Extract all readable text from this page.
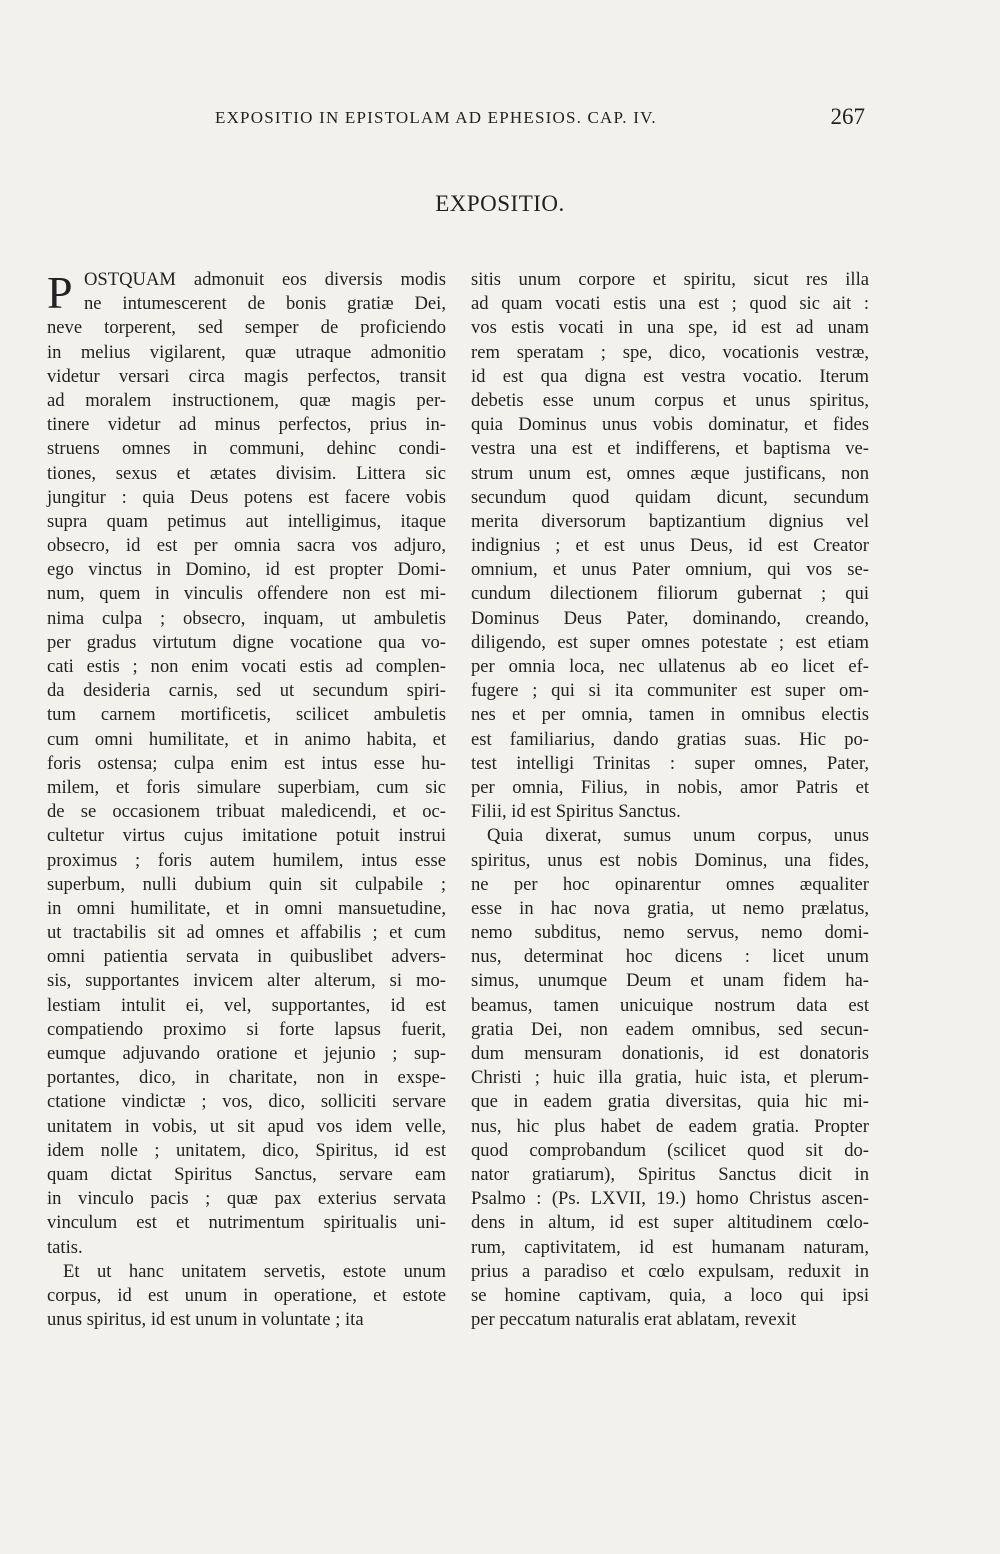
EXPOSITIO IN EPISTOLAM AD EPHESIOS. CAP. IV.	267
EXPOSITIO.
P OSTQUAM admonuit eos diversis modis
ne intumescerent de bonis gratiæ Dei,
neve torperent, sed semper de proficiendo
in melius vigilarent, quæ utraque admonitio
videtur versari circa magis perfectos, transit
ad moralem instructionem, quæ magis per-
tinere videtur ad minus perfectos, prius in-
struens omnes in communi, dehinc condi-
tiones, sexus et ætates divisim. Littera sic
jungitur : quia Deus potens est facere vobis
supra quam petimus aut intelligimus, itaque
obsecro, id est per omnia sacra vos adjuro,
ego vinctus in Domino, id est propter Domi-
num, quem in vinculis offendere non est mi-
nima culpa ; obsecro, inquam, ut ambuletis
per gradus virtutum digne vocatione qua vo-
cati estis ; non enim vocati estis ad complen-
da desideria carnis, sed ut secundum spiri-
tum carnem mortificetis, scilicet ambuletis
cum omni humilitate, et in animo habita, et
foris ostensa; culpa enim est intus esse hu-
milem, et foris simulare superbiam, cum sic
de se occasionem tribuat maledicendi, et oc-
cultetur virtus cujus imitatione potuit instrui
proximus ; foris autem humilem, intus esse
superbum, nulli dubium quin sit culpabile ;
in omni humilitate, et in omni mansuetudine,
ut tractabilis sit ad omnes et affabilis ; et cum
omni patientia servata in quibuslibet advers-
sis, supportantes invicem alter alterum, si mo-
lestiam intulit ei, vel, supportantes, id est
compatiendo proximo si forte lapsus fuerit,
eumque adjuvando oratione et jejunio ; sup-
portantes, dico, in charitate, non in exspe-
ctatione vindictæ ; vos, dico, solliciti servare
unitatem in vobis, ut sit apud vos idem velle,
idem nolle ; unitatem, dico, Spiritus, id est
quam dictat Spiritus Sanctus, servare eam
in vinculo pacis ; quæ pax exterius servata
vinculum est et nutrimentum spiritualis uni-
tatis.
Et ut hanc unitatem servetis, estote unum
corpus, id est unum in operatione, et estote
unus spiritus, id est unum in voluntate ; ita
sitis unum corpore et spiritu, sicut res illa
ad quam vocati estis una est ; quod sic ait :
vos estis vocati in una spe, id est ad unam
rem speratam ; spe, dico, vocationis vestræ,
id est qua digna est vestra vocatio. Iterum
debetis esse unum corpus et unus spiritus,
quia Dominus unus vobis dominatur, et fides
vestra una est et indifferens, et baptisma ve-
strum unum est, omnes æque justificans, non
secundum quod quidam dicunt, secundum
merita diversorum baptizantium dignius vel
indignius ; et est unus Deus, id est Creator
omnium, et unus Pater omnium, qui vos se-
cundum dilectionem filiorum gubernat ; qui
Dominus Deus Pater, dominando, creando,
diligendo, est super omnes potestate ; est etiam
per omnia loca, nec ullatenus ab eo licet ef-
fugere ; qui si ita communiter est super om-
nes et per omnia, tamen in omnibus electis
est familiarius, dando gratias suas. Hic po-
test intelligi Trinitas : super omnes, Pater,
per omnia, Filius, in nobis, amor Patris et
Filii, id est Spiritus Sanctus.
Quia dixerat, sumus unum corpus, unus
spiritus, unus est nobis Dominus, una fides,
ne per hoc opinarentur omnes æqualiter
esse in hac nova gratia, ut nemo prælatus,
nemo subditus, nemo servus, nemo domi-
nus, determinat hoc dicens : licet unum
simus, unumque Deum et unam fidem ha-
beamus, tamen unicuique nostrum data est
gratia Dei, non eadem omnibus, sed secun-
dum mensuram donationis, id est donatoris
Christi ; huic illa gratia, huic ista, et plerum-
que in eadem gratia diversitas, quia hic mi-
nus, hic plus habet de eadem gratia. Propter
quod comprobandum (scilicet quod sit do-
nator gratiarum), Spiritus Sanctus dicit in
Psalmo : (Ps. LXVII, 19.) homo Christus ascen-
dens in altum, id est super altitudinem cœlo-
rum, captivitatem, id est humanam naturam,
prius a paradiso et cœlo expulsam, reduxit in
se homine captivam, quia, a loco qui ipsi
per peccatum naturalis erat ablatam, revexit
